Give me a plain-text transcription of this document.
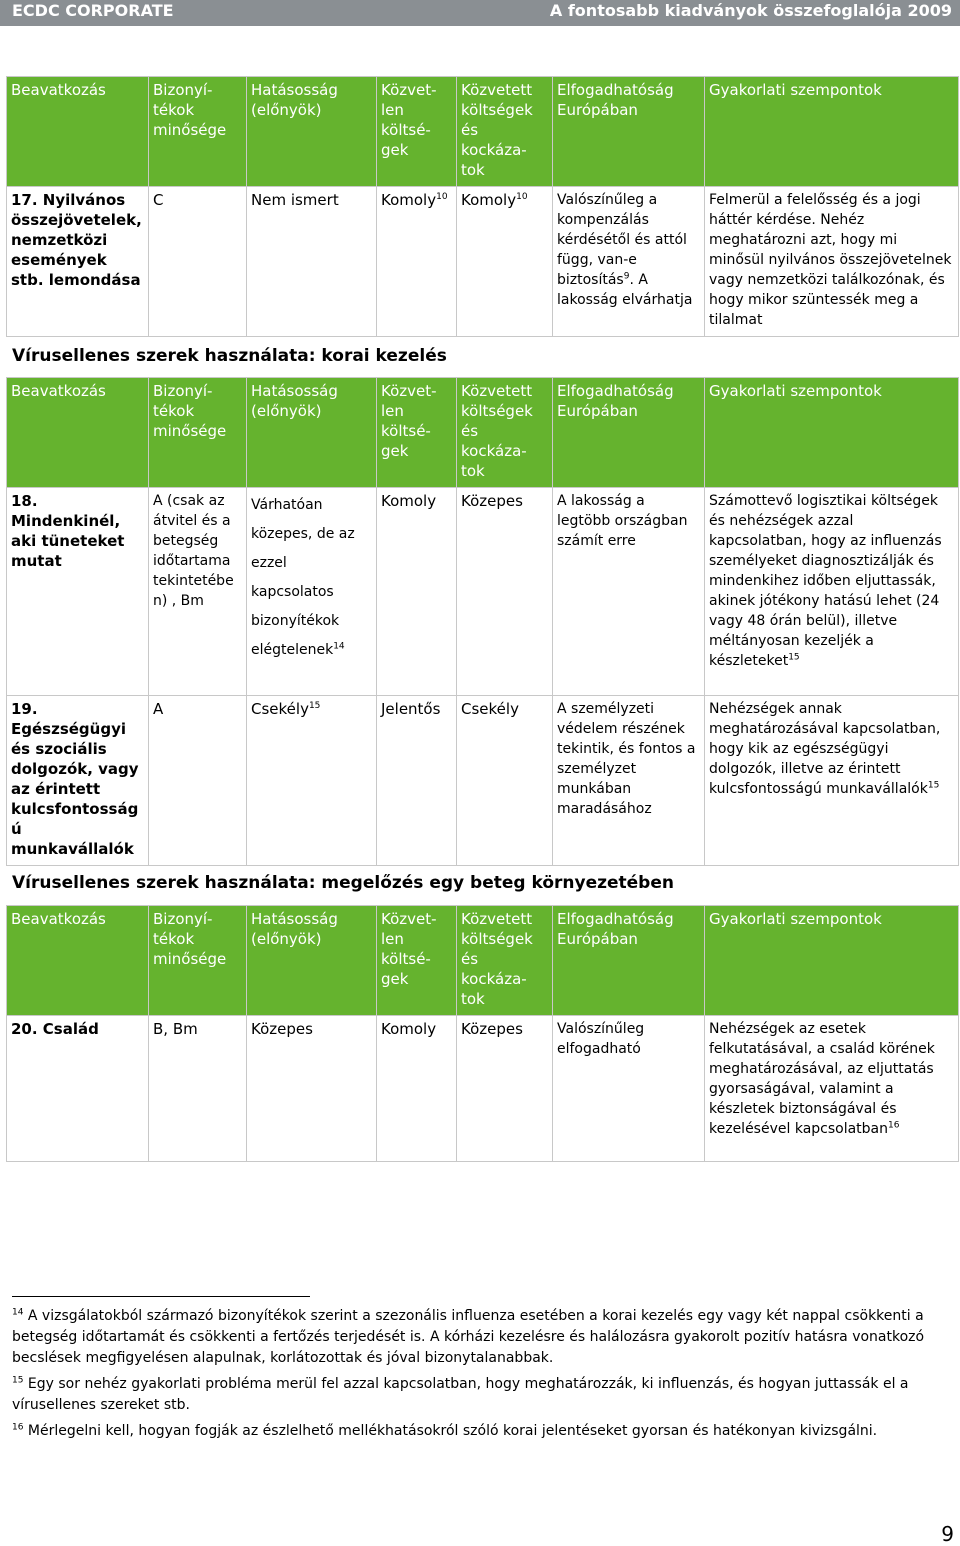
ECDC CORPORATE	A fontosabb kiadványok összefoglalója 2009
Beavatkozás	Bizonyí-tékok minősége	Hatásosság (előnyök)	Közvet-len költsé-gek	Közvetett költségek és kockáza-tok	Elfogadhatóság Európában	Gyakorlati szempontok
17. Nyilvános összejövetelek, nemzetközi események stb. lemondása	C	Nem ismert	Komoly$^{10}$	Komoly$^{10}$	Valószínűleg a kompenzálás kérdésétől és attól függ, van-e biztosítás$^9$. A lakosság elvárhatja	Felmerül a felelősség és a jogi háttér kérdése. Nehéz meghatározni azt, hogy mi minősül nyilvános összejövetelnek vagy nemzetközi találkozónak, és hogy mikor szüntessék meg a tilalmat
Vírusellenes szerek használata: korai kezelés
Beavatkozás	Bizonyí-tékok minősége	Hatásosság (előnyök)	Közvet-len költsé-gek	Közvetett költségek és kockáza-tok	Elfogadhatóság Európában	Gyakorlati szempontok
18. Mindenkinél, aki tüneteket mutat	A (csak az átvitel és a betegség időtartama tekintetében) , Bm	Várhatóan közepes, de az ezzel kapcsolatos bizonyítékok elégtelenek$^{14}$	Komoly	Közepes	A lakosság a legtöbb országban számít erre	Számottevő logisztikai költségek és nehézségek azzal kapcsolatban, hogy az influenzás személyeket diagnosztizálják és mindenkihez időben eljuttassák, akinek jótékony hatású lehet (24 vagy 48 órán belül), illetve méltányosan kezeljék a készleteket$^{15}$
19. Egészségügyi és szociális dolgozók, vagy az érintett kulcsfontosság ú munkavállalók	A	Csekély$^{15}$	Jelentős	Csekély	A személyzeti védelem részének tekintik, és fontos a személyzet munkában maradásához	Nehézségek annak meghatározásával kapcsolatban, hogy kik az egészségügyi dolgozók, illetve az érintett kulcsfontosságú munkavállalók$^{15}$
Vírusellenes szerek használata: megelőzés egy beteg környezetében
Beavatkozás	Bizonyí-tékok minősége	Hatásosság (előnyök)	Közvet-len költsé-gek	Közvetett költségek és kockáza-tok	Elfogadhatóság Európában	Gyakorlati szempontok
20. Család	B, Bm	Közepes	Komoly	Közepes	Valószínűleg elfogadható	Nehézségek az esetek felkutatásával, a család körének meghatározásával, az eljuttatás gyorsaságával, valamint a készletek biztonságával és kezelésével kapcsolatban$^{16}$
$^{14}$ A vizsgálatokból származó bizonyítékok szerint a szezonális influenza esetében a korai kezelés egy vagy két nappal csökkenti a betegség időtartamát és csökkenti a fertőzés terjedését is. A kórházi kezelésre és halálozásra gyakorolt pozitív hatásra vonatkozó becslések megfigyelésen alapulnak, korlátozottak és jóval bizonytalanabbak.
$^{15}$ Egy sor nehéz gyakorlati probléma merül fel azzal kapcsolatban, hogy meghatározzák, ki influenzás, és hogyan juttassák el a vírusellenes szereket stb.
$^{16}$ Mérlegelni kell, hogyan fogják az észlelhető mellékhatásokról szóló korai jelentéseket gyorsan és hatékonyan kivizsgálni.
9
